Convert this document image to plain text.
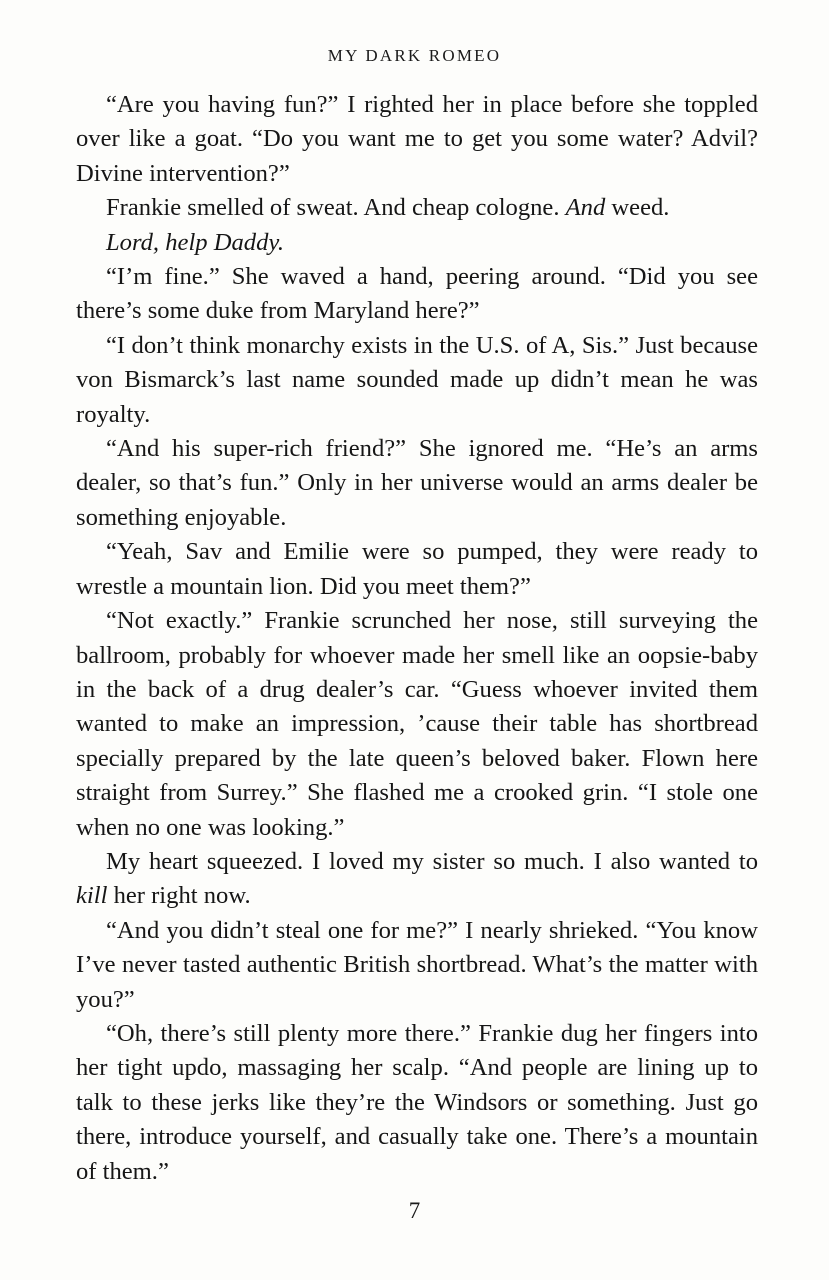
MY DARK ROMEO

“Are you having fun?” I righted her in place before she toppled over like a goat. “Do you want me to get you some water? Advil? Divine intervention?”

Frankie smelled of sweat. And cheap cologne. And weed.

Lord, help Daddy.

“I’m fine.” She waved a hand, peering around. “Did you see there’s some duke from Maryland here?”

“I don’t think monarchy exists in the U.S. of A, Sis.” Just because von Bismarck’s last name sounded made up didn’t mean he was royalty.

“And his super-rich friend?” She ignored me. “He’s an arms dealer, so that’s fun.” Only in her universe would an arms dealer be something enjoyable.

“Yeah, Sav and Emilie were so pumped, they were ready to wrestle a mountain lion. Did you meet them?”

“Not exactly.” Frankie scrunched her nose, still surveying the ballroom, probably for whoever made her smell like an oopsie-baby in the back of a drug dealer’s car. “Guess whoever invited them wanted to make an impression, ’cause their table has shortbread specially prepared by the late queen’s beloved baker. Flown here straight from Surrey.” She flashed me a crooked grin. “I stole one when no one was looking.”

My heart squeezed. I loved my sister so much. I also wanted to kill her right now.

“And you didn’t steal one for me?” I nearly shrieked. “You know I’ve never tasted authentic British shortbread. What’s the matter with you?”

“Oh, there’s still plenty more there.” Frankie dug her fingers into her tight updo, massaging her scalp. “And people are lining up to talk to these jerks like they’re the Windsors or something. Just go there, introduce yourself, and casually take one. There’s a mountain of them.”

7
